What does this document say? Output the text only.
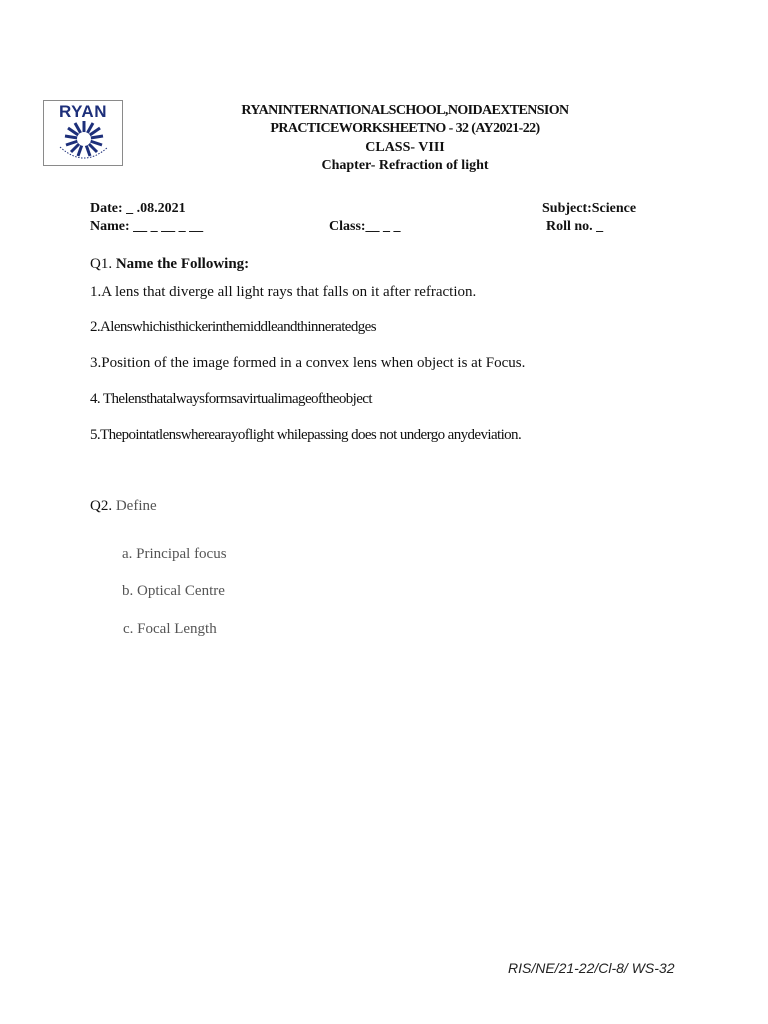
RYAN	RYANINTERNATIONALSCHOOL,NOIDAEXTENSION
PRACTICEWORKSHEETNO - 32 (AY2021-22)
CLASS- VIII
Chapter- Refraction of light
Date: _ .08.2021	Subject:Science
Name: __ _ __ _ __	Class:__ _ _	Roll no. _
Q1. Name the Following:
1.A lens that diverge all light rays that falls on it after refraction.
2.Alenswhichisthickerinthemiddleandthinneratedges
3.Position of the image formed in a convex lens when object is at Focus.
4. Thelensthatalwaysformsavirtualimageoftheobject
5.Thepointatlenswherearayoflight whilepassing does not undergo anydeviation.
Q2. Define
a. Principal focus
b. Optical Centre
c. Focal Length
RIS/NE/21-22/Cl-8/ WS-32
